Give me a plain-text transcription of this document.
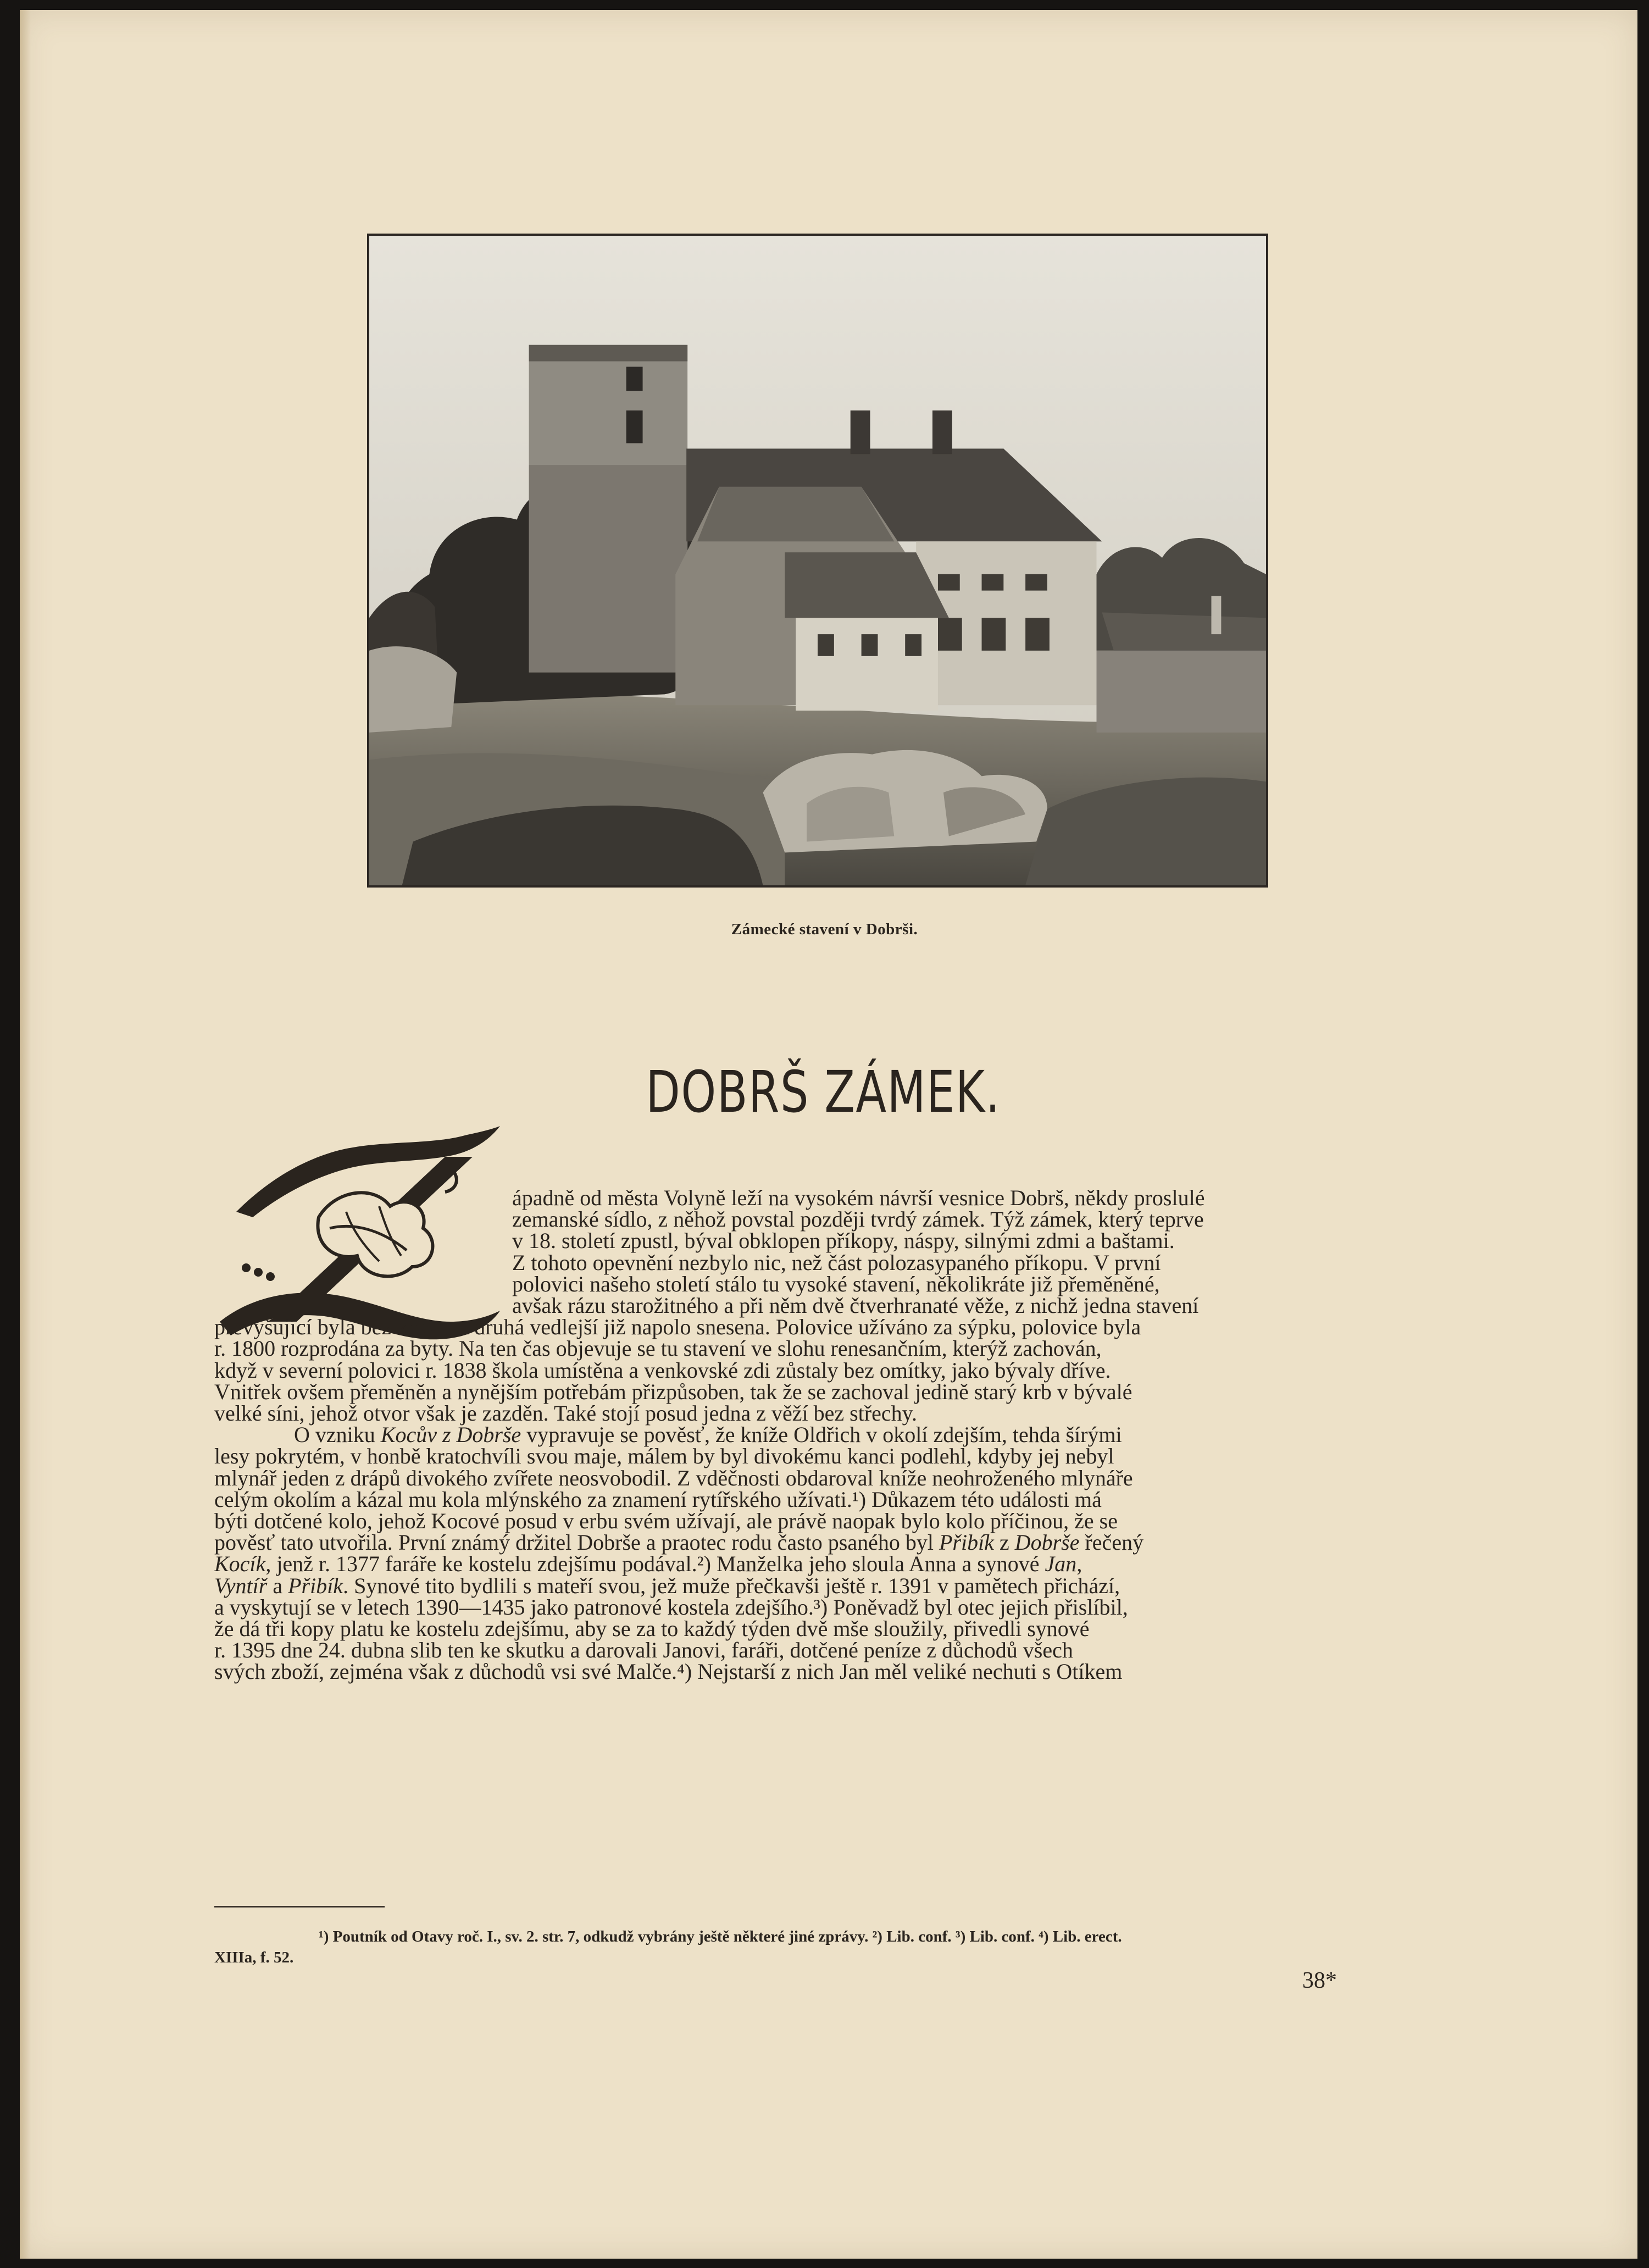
Zámecké stavení v Dobrši.
DOBRŠ ZÁMEK.
ápadně od města Volyně leží na vysokém návrší vesnice Dobrš, někdy proslulé
zemanské sídlo, z něhož povstal později tvrdý zámek. Týž zámek, který teprve
v 18. století zpustl, býval obklopen příkopy, náspy, silnými zdmi a baštami.
Z tohoto opevnění nezbylo nic, než část polozasypaného příkopu. V první
polovici našeho století stálo tu vysoké stavení, několikráte již přeměněné,
avšak rázu starožitného a při něm dvě čtverhranaté věže, z nichž jedna stavení
převyšující byla bez krovu, a druhá vedlejší již napolo snesena. Polovice užíváno za sýpku, polovice byla
r. 1800 rozprodána za byty. Na ten čas objevuje se tu stavení ve slohu renesančním, kterýž zachován,
když v severní polovici r. 1838 škola umístěna a venkovské zdi zůstaly bez omítky, jako bývaly dříve.
Vnitřek ovšem přeměněn a nynějším potřebám přizpůsoben, tak že se zachoval jedině starý krb v bývalé
velké síni, jehož otvor však je zazděn. Také stojí posud jedna z věží bez střechy.
O vzniku Kocův z Dobrše vypravuje se pověsť, že kníže Oldřich v okolí zdejším, tehda šírými
lesy pokrytém, v honbě kratochvíli svou maje, málem by byl divokému kanci podlehl, kdyby jej nebyl
mlynář jeden z drápů divokého zvířete neosvobodil. Z vděčnosti obdaroval kníže neohroženého mlynáře
celým okolím a kázal mu kola mlýnského za znamení rytířského užívati.¹) Důkazem této události má
býti dotčené kolo, jehož Kocové posud v erbu svém užívají, ale právě naopak bylo kolo příčinou, že se
pověsť tato utvořila. První známý držitel Dobrše a praotec rodu často psaného byl Přibík z Dobrše řečený
Kocík, jenž r. 1377 faráře ke kostelu zdejšímu podával.²) Manželka jeho sloula Anna a synové Jan,
Vyntíř a Přibík. Synové tito bydlili s mateří svou, jež muže přečkavši ještě r. 1391 v pamětech přichází,
a vyskytují se v letech 1390—1435 jako patronové kostela zdejšího.³) Poněvadž byl otec jejich přislíbil,
že dá tři kopy platu ke kostelu zdejšímu, aby se za to každý týden dvě mše sloužily, přivedli synové
r. 1395 dne 24. dubna slib ten ke skutku a darovali Janovi, faráři, dotčené peníze z důchodů všech
svých zboží, zejména však z důchodů vsi své Malče.⁴) Nejstarší z nich Jan měl veliké nechuti s Otíkem
¹) Poutník od Otavy roč. I., sv. 2. str. 7, odkudž vybrány ještě některé jiné zprávy. ²) Lib. conf. ³) Lib. conf. ⁴) Lib. erect.
XIIIa, f. 52.
38*
